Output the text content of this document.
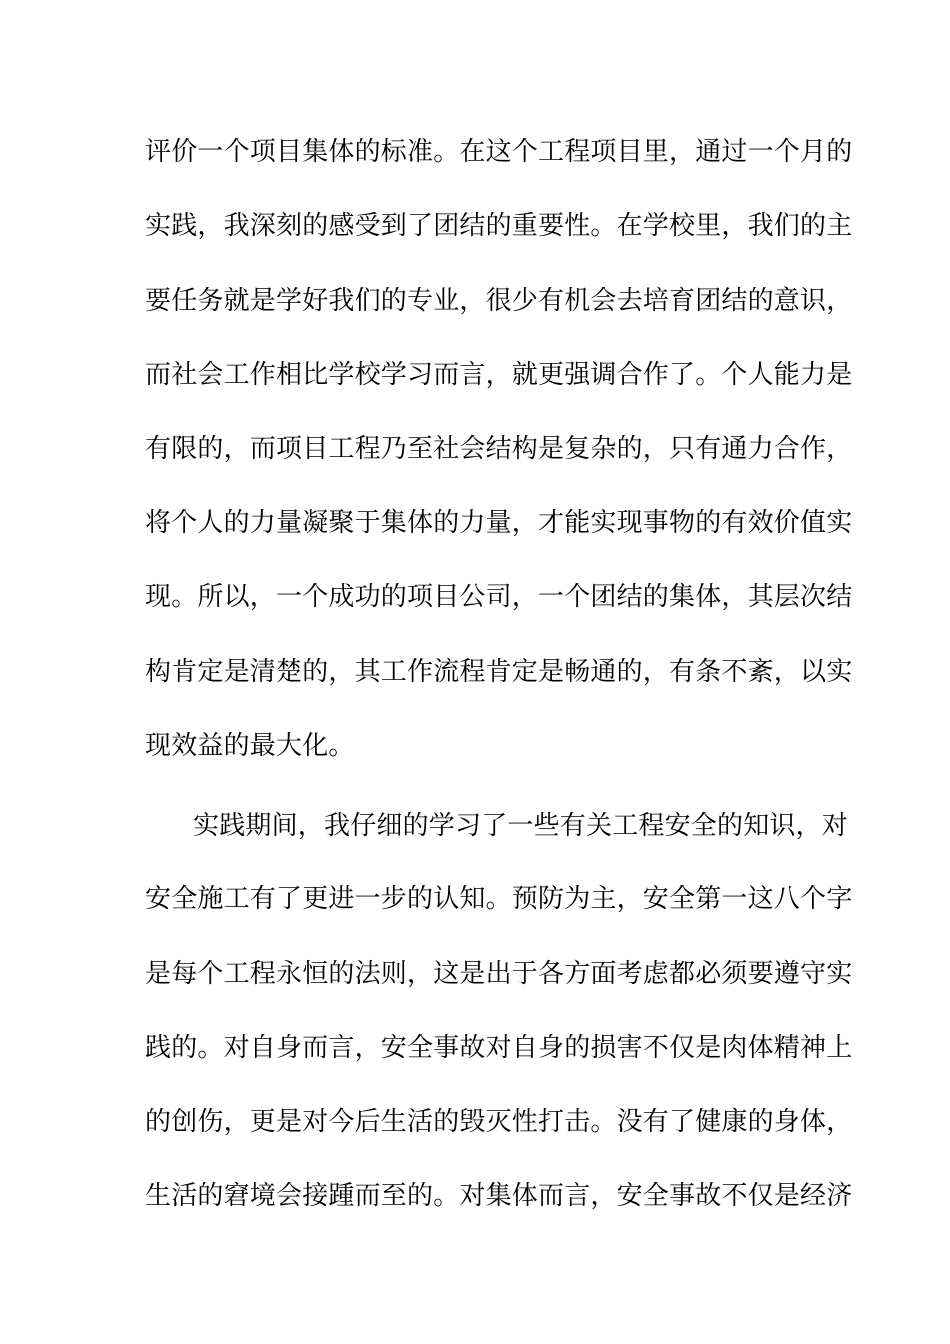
评价一个项目集体的标准。在这个工程项目里，通过一个月的
实践，我深刻的感受到了团结的重要性。在学校里，我们的主
要任务就是学好我们的专业，很少有机会去培育团结的意识，
而社会工作相比学校学习而言，就更强调合作了。个人能力是
有限的，而项目工程乃至社会结构是复杂的，只有通力合作，
将个人的力量凝聚于集体的力量，才能实现事物的有效价值实
现。所以，一个成功的项目公司，一个团结的集体，其层次结
构肯定是清楚的，其工作流程肯定是畅通的，有条不紊，以实
现效益的最大化。
实践期间，我仔细的学习了一些有关工程安全的知识，对
安全施工有了更进一步的认知。预防为主，安全第一这八个字
是每个工程永恒的法则，这是出于各方面考虑都必须要遵守实
践的。对自身而言，安全事故对自身的损害不仅是肉体精神上
的创伤，更是对今后生活的毁灭性打击。没有了健康的身体，
生活的窘境会接踵而至的。对集体而言，安全事故不仅是经济
